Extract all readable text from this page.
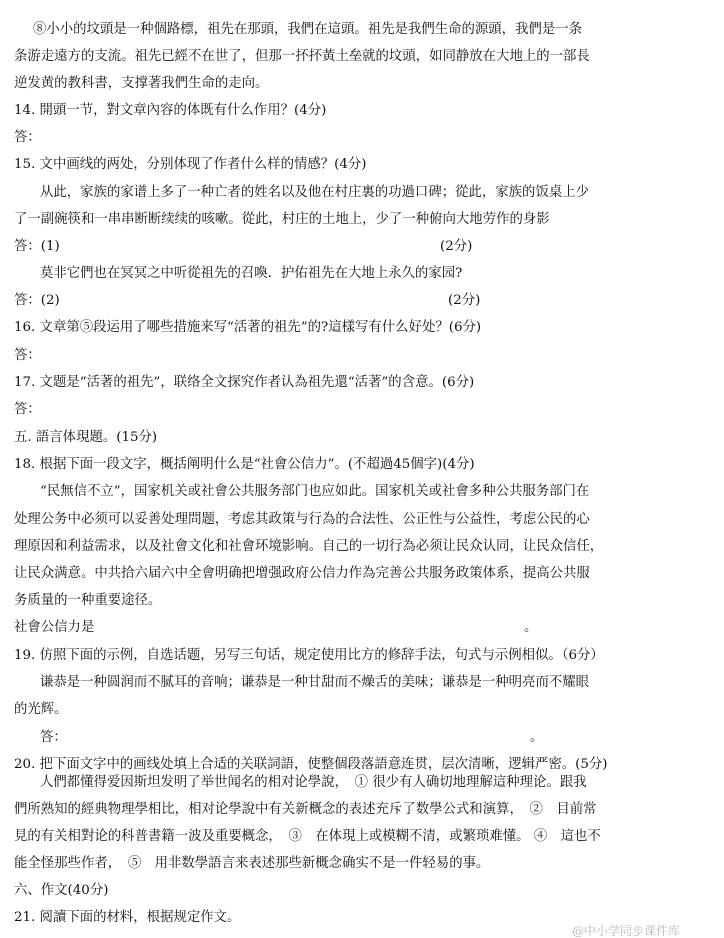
⑧小小的坟頭是一种個路標，祖先在那頭，我們在這頭。祖先是我們生命的源頭，我們是一条
条游走遠方的支流。祖先已經不在世了，但那一抔抔黃土垒就的坟頭，如同静放在大地上的一部長
逆发黄的教科書，支撑著我們生命的走向。
14. 開頭一节，對文章內容的体既有什么作用？(4分)
答：
15. 文中画线的两处，分别体现了作者什么样的情感？(4分)
从此，家族的家谱上多了一种亡者的姓名以及他在村庄裏的功過口碑；從此，家族的饭桌上少
了一副碗筷和一串串断断续续的咳嗽。從此，村庄的土地上，少了一种俯向大地劳作的身影
答：(1)	(2分)
莫非它們也在冥冥之中听從祖先的召喚．护佑祖先在大地上永久的家园?
答：(2)	(2分)
16. 文章第⑤段运用了哪些措施来写“活著的祖先”的?這樣写有什么好处？(6分)
答：
17. 文题是“活著的祖先”，联络全文探究作者认為祖先還“活著”的含意。(6分)
答：
五. 語言体現題。(15分)
18. 根据下面一段文字，概括阐明什么是“社會公信力”。(不超過45個字)(4分)
“民無信不立”，国家机关或社會公共服务部门也应如此。国家机关或社會多种公共服务部门在
处理公务中必须可以妥善处理問题，考虑其政策与行為的合法性、公正性与公益性，考虑公民的心
理原因和利益需求，以及社會文化和社會环境影响。自己的一切行為必须让民众认同，让民众信任，
让民众满意。中共拾六届六中全會明确把增强政府公信力作為完善公共服务政策体系，提高公共服
务质量的一种重要途径。
社會公信力是	。
19. 仿照下面的示例，自选话题，另写三句话，规定使用比方的修辞手法，句式与示例相似。（6分）
谦恭是一种圆润而不腻耳的音响；谦恭是一种甘甜而不燥舌的美味；谦恭是一种明亮而不耀眼
的光辉。
答：	。
20. 把下面文字中的画线处填上合适的关联詞語，使整個段落語意连贯，层次清晰，逻辑严密。(5分)
人們都懂得爱因斯坦发明了举世闻名的相对论學說，　① 很少有人确切地理解這种理论。跟我
們所熟知的經典物理學相比，相对论學說中有关新概念的表述充斥了数學公式和演算，　②　目前常
見的有关相對论的科普書籍一波及重要概念，　③　在体現上或模糊不清，或繁琐难懂。 ④　這也不
能全怪那些作者，　⑤　用非数學語言来表述那些新概念确实不是一件轻易的事。
六、作文(40分)
21. 阅讀下面的材料，根据规定作文。
@中小学同步课件库
